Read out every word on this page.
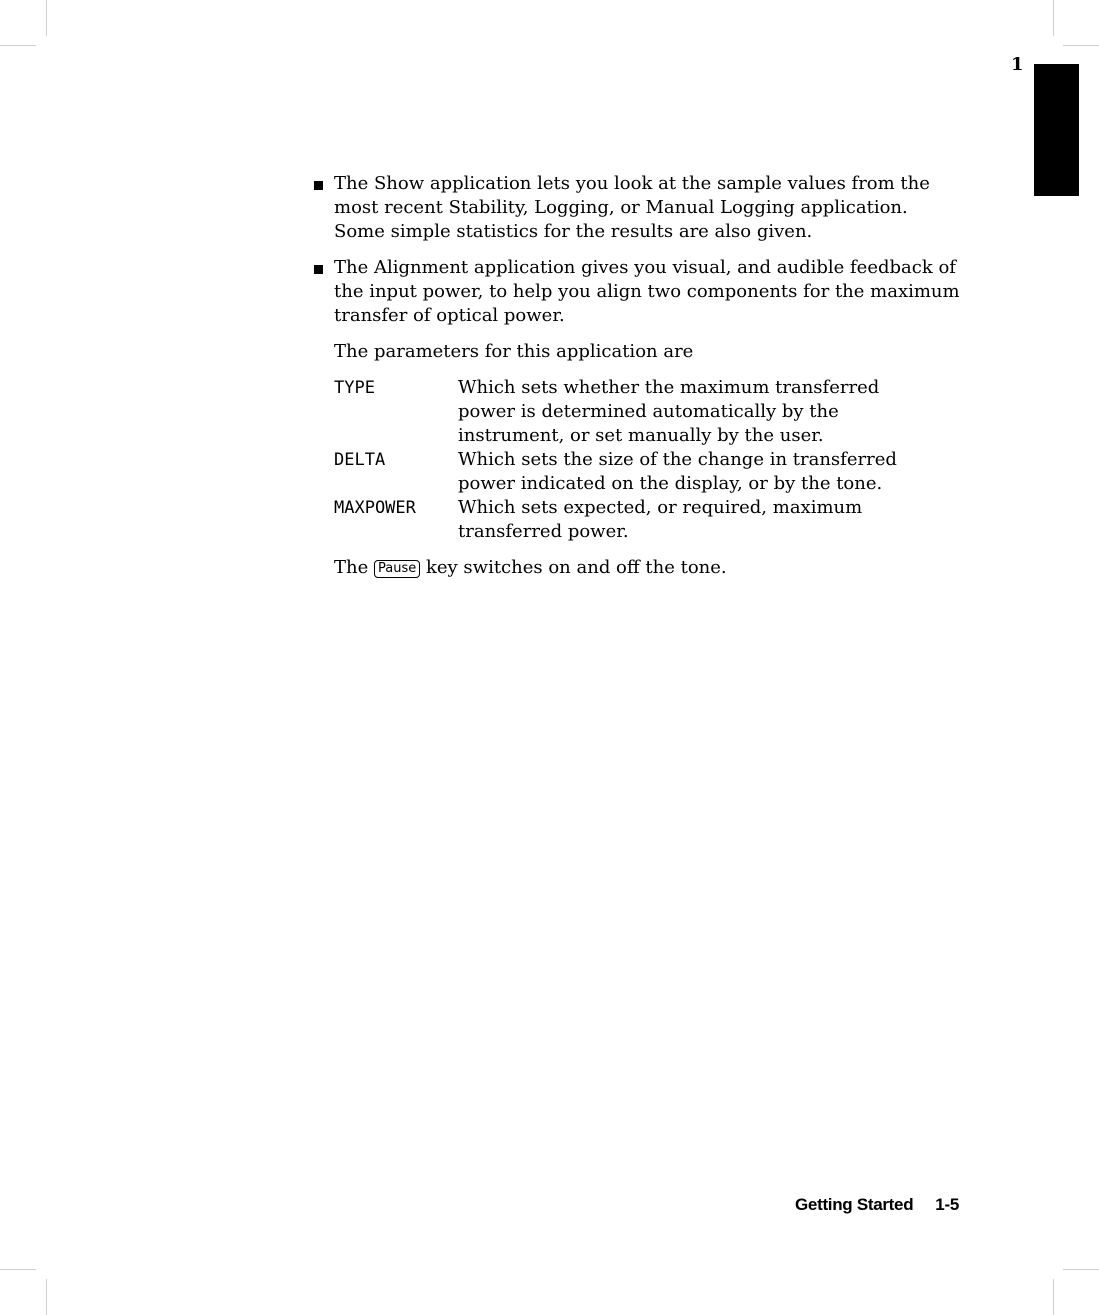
1
The Show application lets you look at the sample values from the most recent Stability, Logging, or Manual Logging application. Some simple statistics for the results are also given.
The Alignment application gives you visual, and audible feedback of the input power, to help you align two components for the maximum transfer of optical power.
The parameters for this application are
TYPE	Which sets whether the maximum transferred power is determined automatically by the instrument, or set manually by the user.
DELTA	Which sets the size of the change in transferred power indicated on the display, or by the tone.
MAXPOWER	Which sets expected, or required, maximum transferred power.
The Pause key switches on and off the tone.
Getting Started 1-5
